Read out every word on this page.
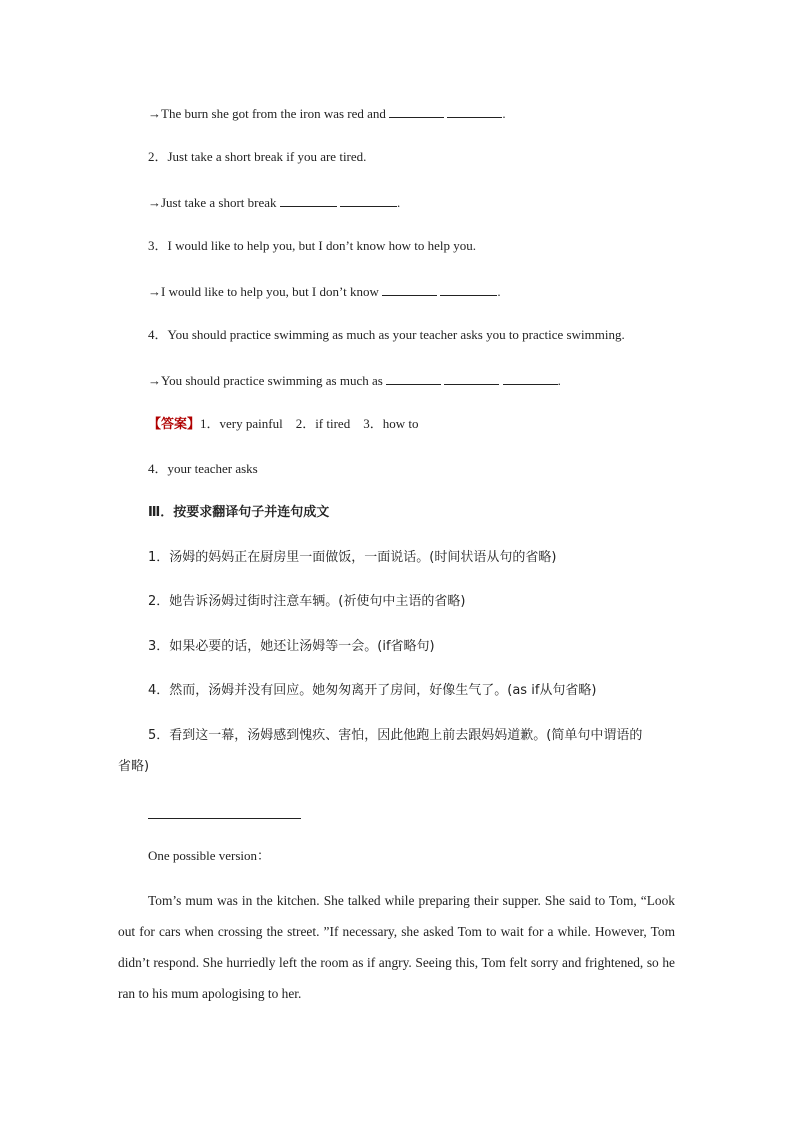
→The burn she got from the iron was red and	.
2．Just take a short break if you are tired.
→Just take a short break	.
3．I would like to help you, but I don’t know how to help you.
→I would like to help you, but I don’t know	.
4．You should practice swimming as much as your teacher asks you to practice swimming.
→You should practice swimming as much as	.
【答案】1．very painful　2．if tired　3．how to
4．your teacher asks
Ⅲ．按要求翻译句子并连句成文
1．汤姆的妈妈正在厨房里一面做饭，一面说话。(时间状语从句的省略)
2．她告诉汤姆过街时注意车辆。(祈使句中主语的省略)
3．如果必要的话，她还让汤姆等一会。(if省略句)
4．然而，汤姆并没有回应。她匆匆离开了房间，好像生气了。(as if从句省略)
5．看到这一幕，汤姆感到愧疚、害怕，因此他跑上前去跟妈妈道歉。(简单句中谓语的
省略)
One possible version：
Tom’s mum was in the kitchen. She talked while preparing their supper. She said to Tom, “Look out for cars when crossing the street. ”If necessary, she asked Tom to wait for a while. However, Tom didn’t respond. She hurriedly left the room as if angry. Seeing this, Tom felt sorry and frightened, so he ran to his mum apologising to her.
